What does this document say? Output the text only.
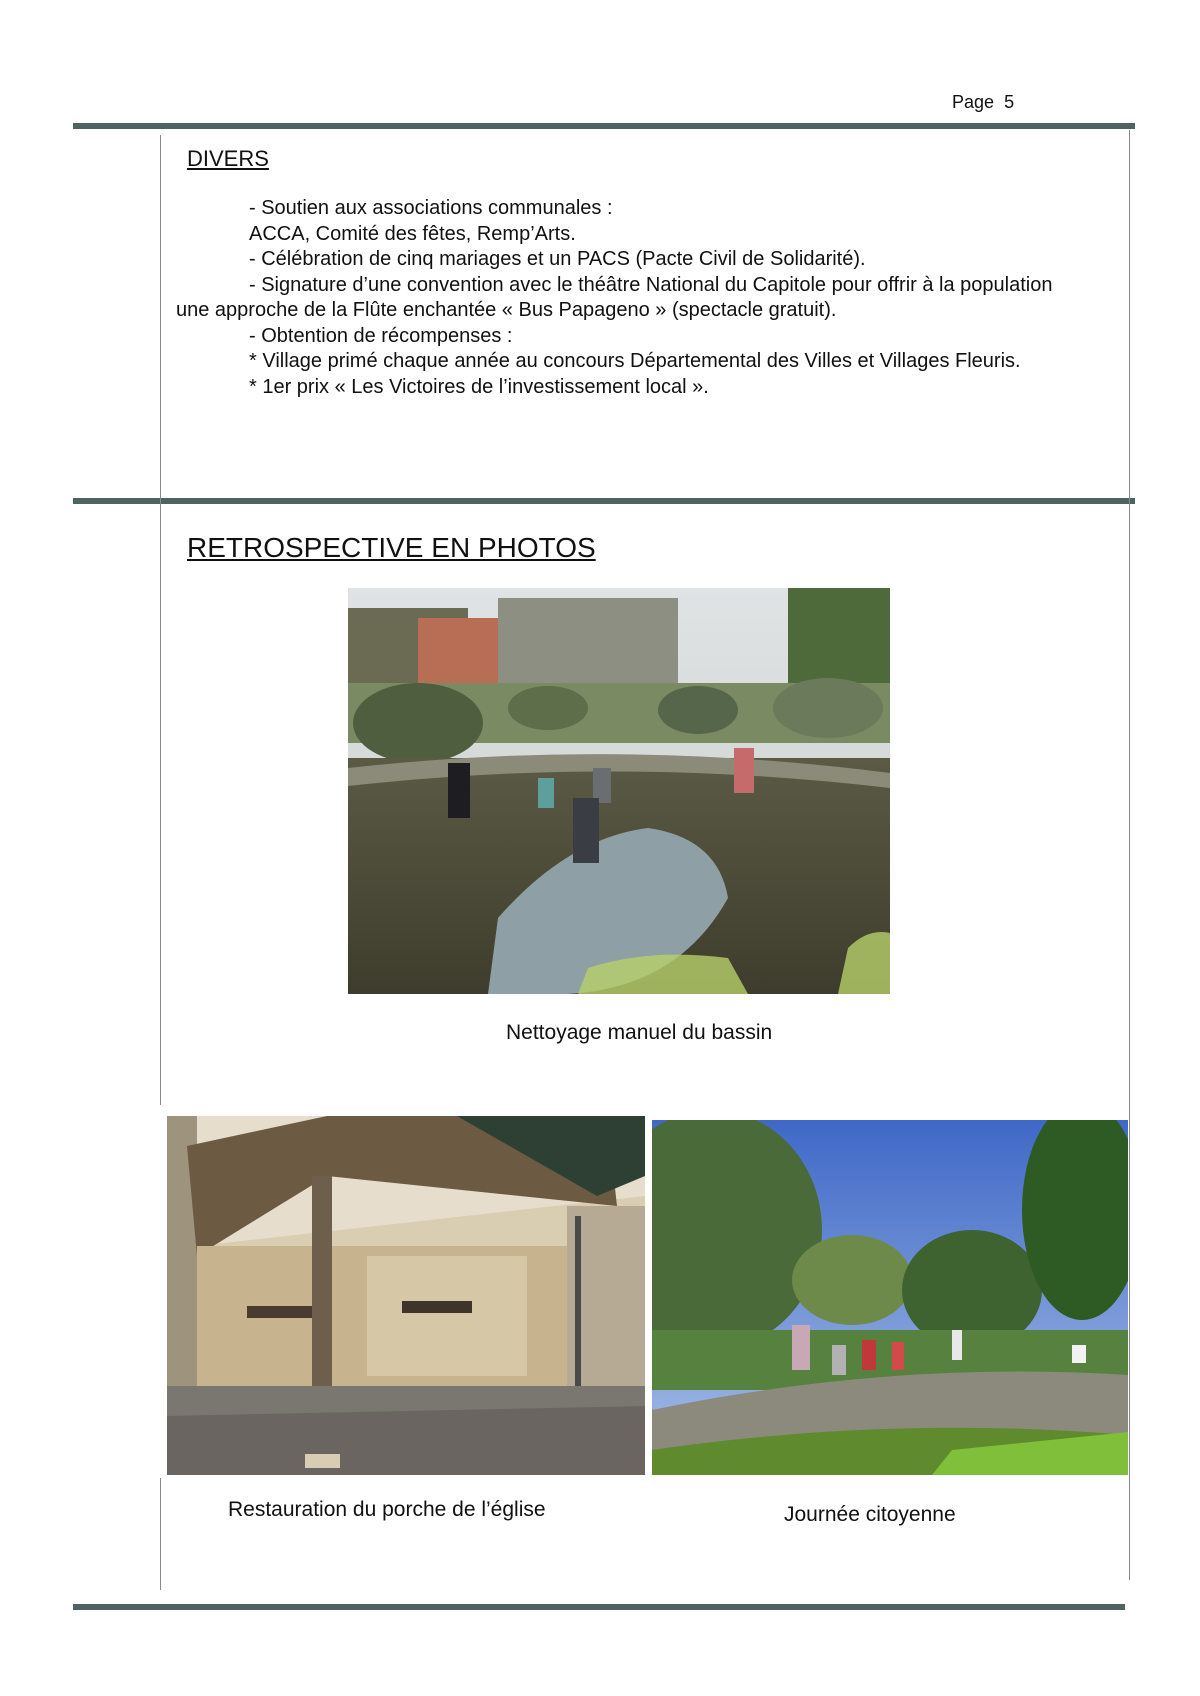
Page 5
DIVERS
- Soutien aux associations communales :
ACCA, Comité des fêtes, Remp’Arts.
- Célébration de cinq mariages et un PACS (Pacte Civil de Solidarité).
- Signature d’une convention avec le théâtre National du Capitole pour offrir à la population
une approche de la Flûte enchantée « Bus Papageno » (spectacle gratuit).
- Obtention de récompenses :
* Village primé chaque année au concours Départemental des Villes et Villages Fleuris.
* 1er prix « Les Victoires de l’investissement local ».
RETROSPECTIVE EN PHOTOS
Nettoyage manuel du bassin
Restauration du porche de l’église	Journée citoyenne
